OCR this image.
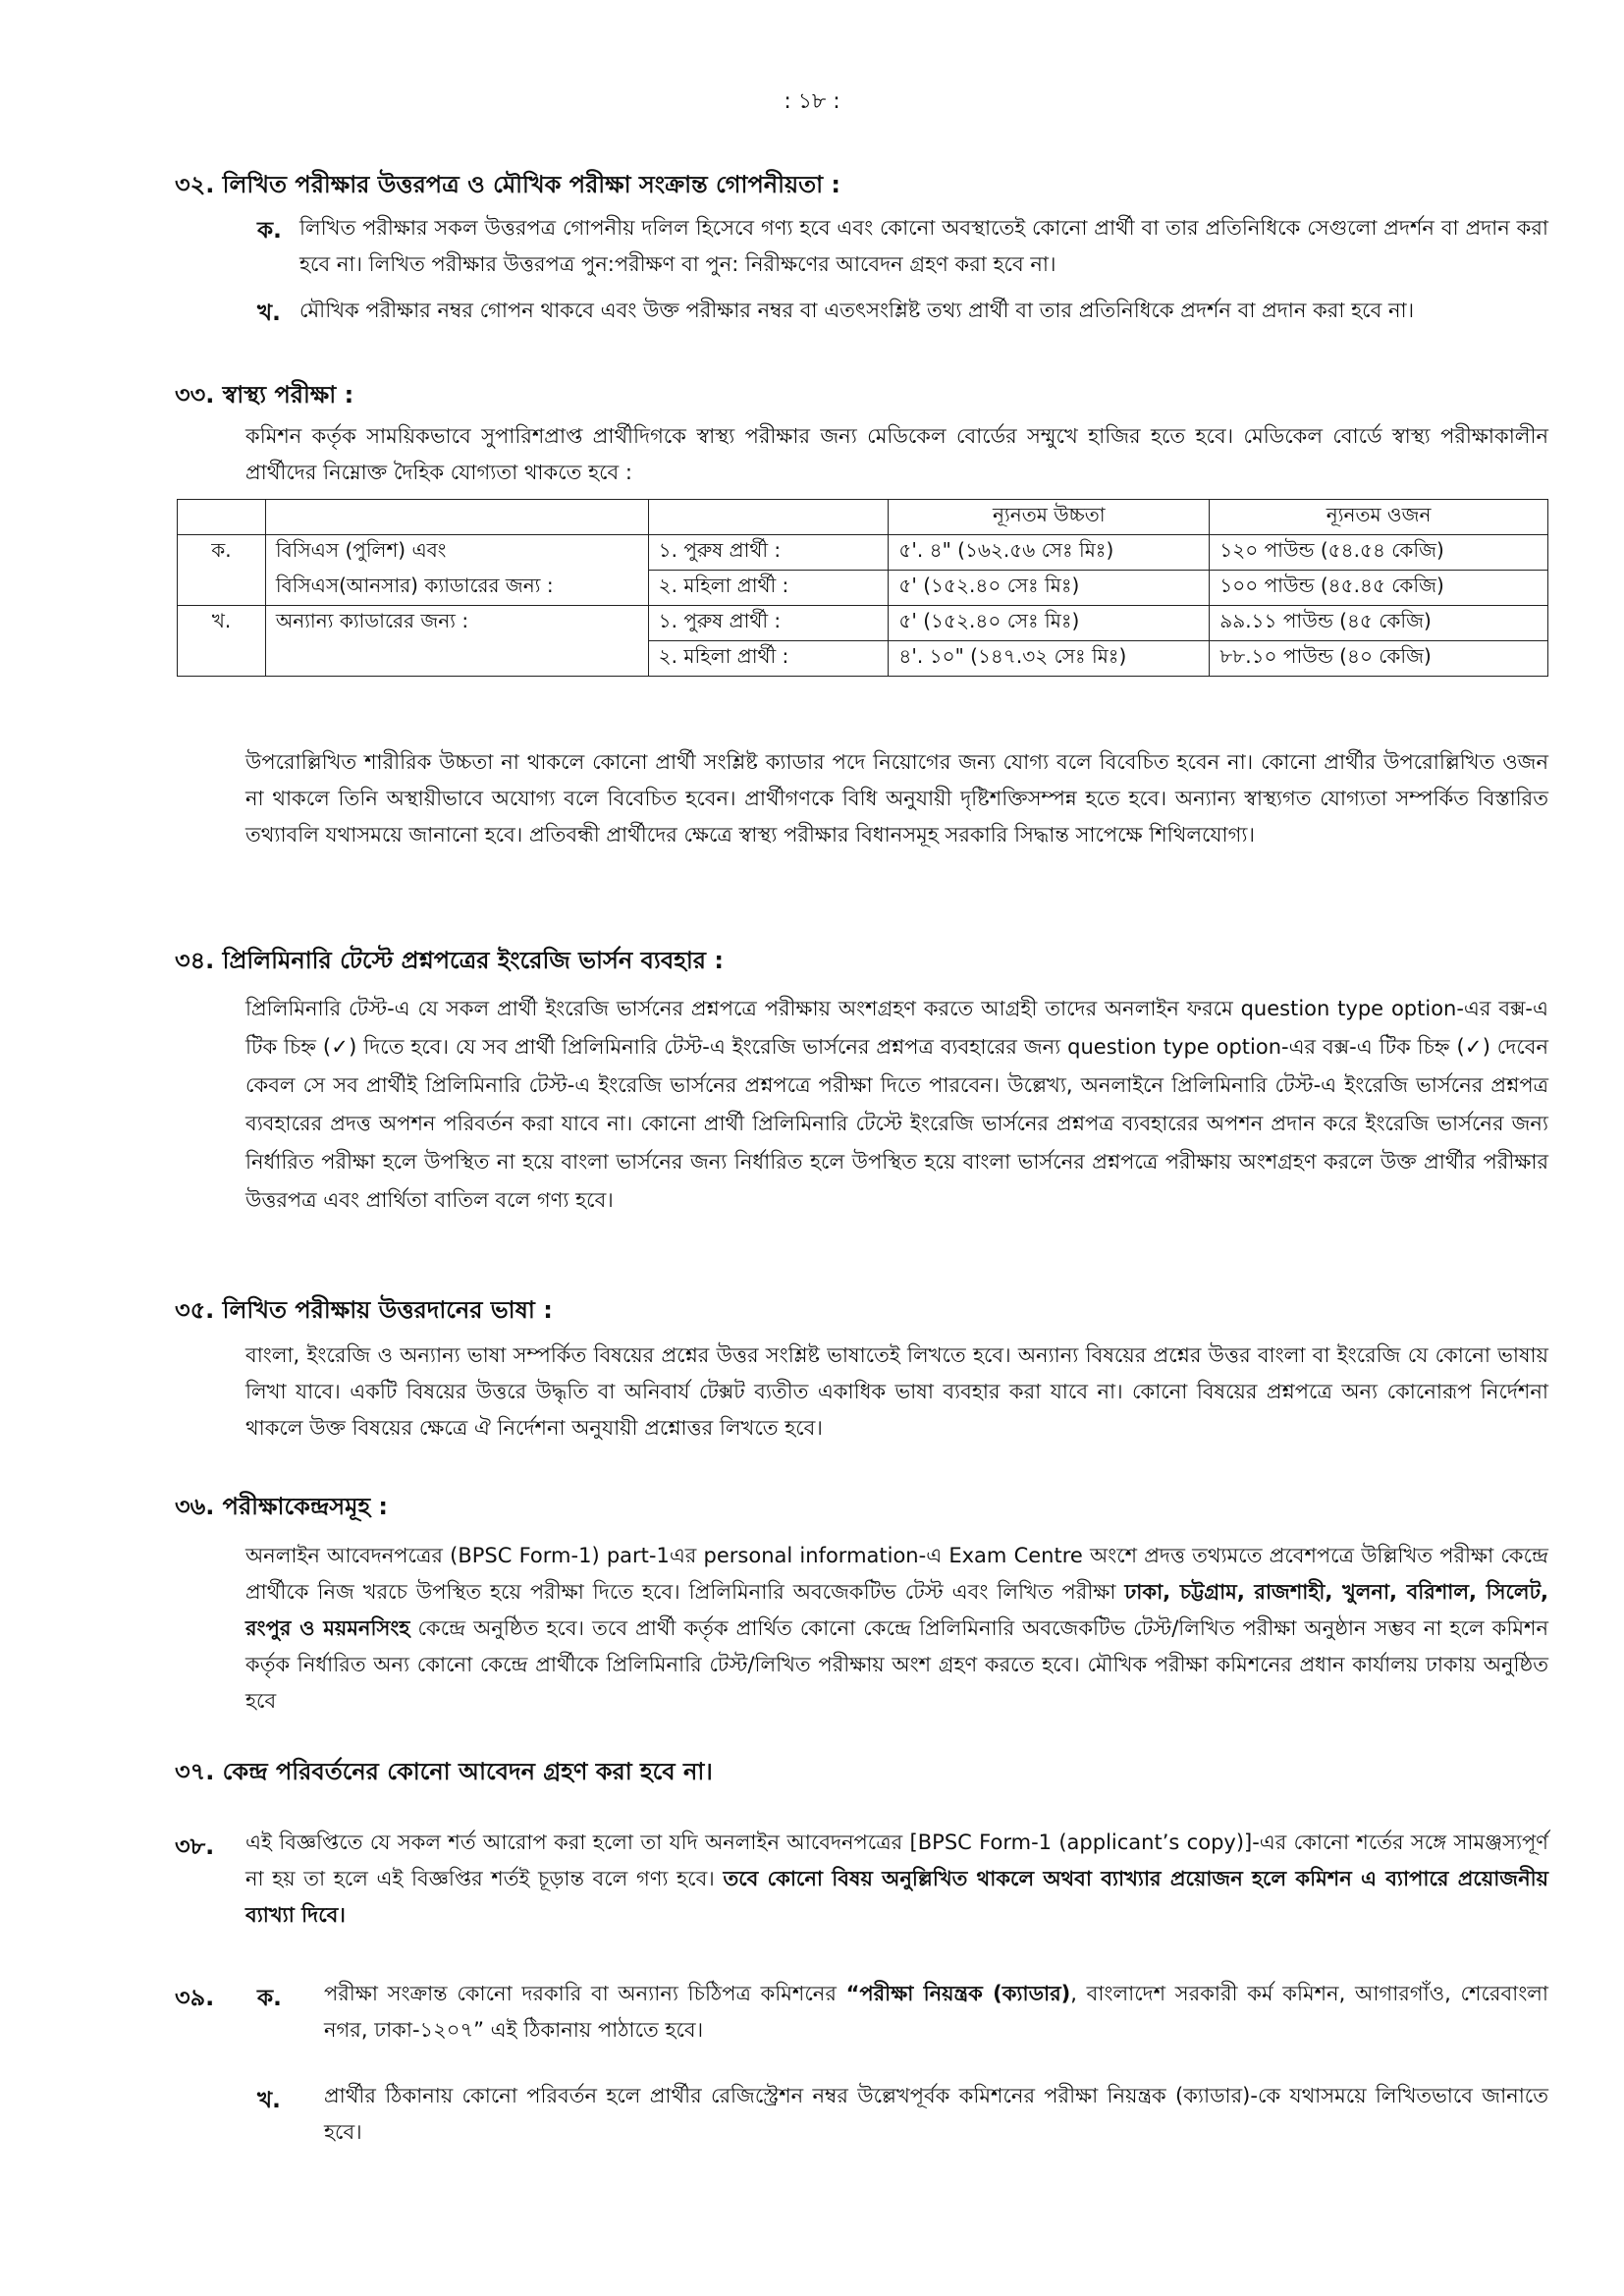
: ১৮ :
৩২. লিখিত পরীক্ষার উত্তরপত্র ও মৌখিক পরীক্ষা সংক্রান্ত গোপনীয়তা :
ক. লিখিত পরীক্ষার সকল উত্তরপত্র গোপনীয় দলিল হিসেবে গণ্য হবে এবং কোনো অবস্থাতেই কোনো প্রার্থী বা তার প্রতিনিধিকে সেগুলো প্রদর্শন বা প্রদান করা হবে না। লিখিত পরীক্ষার উত্তরপত্র পুন:পরীক্ষণ বা পুন: নিরীক্ষণের আবেদন গ্রহণ করা হবে না।
খ. মৌখিক পরীক্ষার নম্বর গোপন থাকবে এবং উক্ত পরীক্ষার নম্বর বা এতৎসংশ্লিষ্ট তথ্য প্রার্থী বা তার প্রতিনিধিকে প্রদর্শন বা প্রদান করা হবে না।
৩৩. স্বাস্থ্য পরীক্ষা :
কমিশন কর্তৃক সাময়িকভাবে সুপারিশপ্রাপ্ত প্রার্থীদিগকে স্বাস্থ্য পরীক্ষার জন্য মেডিকেল বোর্ডের সম্মুখে হাজির হতে হবে। মেডিকেল বোর্ডে স্বাস্থ্য পরীক্ষাকালীন প্রার্থীদের নিম্নোক্ত দৈহিক যোগ্যতা থাকতে হবে :
			ন্যূনতম উচ্চতা	ন্যূনতম ওজন
ক.	বিসিএস (পুলিশ) এবং	১. পুরুষ প্রার্থী :	৫'. ৪" (১৬২.৫৬ সেঃ মিঃ)	১২০ পাউন্ড (৫৪.৫৪ কেজি)
	বিসিএস(আনসার) ক্যাডারের জন্য :	২. মহিলা প্রার্থী :	৫' (১৫২.৪০ সেঃ মিঃ)	১০০ পাউন্ড (৪৫.৪৫ কেজি)
খ.	অন্যান্য ক্যাডারের জন্য :	১. পুরুষ প্রার্থী :	৫' (১৫২.৪০ সেঃ মিঃ)	৯৯.১১ পাউন্ড (৪৫ কেজি)
		২. মহিলা প্রার্থী :	৪'. ১০" (১৪৭.৩২ সেঃ মিঃ)	৮৮.১০ পাউন্ড (৪০ কেজি)
উপরোল্লিখিত শারীরিক উচ্চতা না থাকলে কোনো প্রার্থী সংশ্লিষ্ট ক্যাডার পদে নিয়োগের জন্য যোগ্য বলে বিবেচিত হবেন না। কোনো প্রার্থীর উপরোল্লিখিত ওজন না থাকলে তিনি অস্থায়ীভাবে অযোগ্য বলে বিবেচিত হবেন। প্রার্থীগণকে বিধি অনুযায়ী দৃষ্টিশক্তিসম্পন্ন হতে হবে। অন্যান্য স্বাস্থ্যগত যোগ্যতা সম্পর্কিত বিস্তারিত তথ্যাবলি যথাসময়ে জানানো হবে। প্রতিবন্ধী প্রার্থীদের ক্ষেত্রে স্বাস্থ্য পরীক্ষার বিধানসমূহ সরকারি সিদ্ধান্ত সাপেক্ষে শিথিলযোগ্য।
৩৪. প্রিলিমিনারি টেস্টে প্রশ্নপত্রের ইংরেজি ভার্সন ব্যবহার :
প্রিলিমিনারি টেস্ট-এ যে সকল প্রার্থী ইংরেজি ভার্সনের প্রশ্নপত্রে পরীক্ষায় অংশগ্রহণ করতে আগ্রহী তাদের অনলাইন ফরমে question type option-এর বক্স-এ টিক চিহ্ন (✓) দিতে হবে। যে সব প্রার্থী প্রিলিমিনারি টেস্ট-এ ইংরেজি ভার্সনের প্রশ্নপত্র ব্যবহারের জন্য question type option-এর বক্স-এ টিক চিহ্ন (✓) দেবেন কেবল সে সব প্রার্থীই প্রিলিমিনারি টেস্ট-এ ইংরেজি ভার্সনের প্রশ্নপত্রে পরীক্ষা দিতে পারবেন। উল্লেখ্য, অনলাইনে প্রিলিমিনারি টেস্ট-এ ইংরেজি ভার্সনের প্রশ্নপত্র ব্যবহারের প্রদত্ত অপশন পরিবর্তন করা যাবে না। কোনো প্রার্থী প্রিলিমিনারি টেস্টে ইংরেজি ভার্সনের প্রশ্নপত্র ব্যবহারের অপশন প্রদান করে ইংরেজি ভার্সনের জন্য নির্ধারিত পরীক্ষা হলে উপস্থিত না হয়ে বাংলা ভার্সনের জন্য নির্ধারিত হলে উপস্থিত হয়ে বাংলা ভার্সনের প্রশ্নপত্রে পরীক্ষায় অংশগ্রহণ করলে উক্ত প্রার্থীর পরীক্ষার উত্তরপত্র এবং প্রার্থিতা বাতিল বলে গণ্য হবে।
৩৫. লিখিত পরীক্ষায় উত্তরদানের ভাষা :
বাংলা, ইংরেজি ও অন্যান্য ভাষা সম্পর্কিত বিষয়ের প্রশ্নের উত্তর সংশ্লিষ্ট ভাষাতেই লিখতে হবে। অন্যান্য বিষয়ের প্রশ্নের উত্তর বাংলা বা ইংরেজি যে কোনো ভাষায় লিখা যাবে। একটি বিষয়ের উত্তরে উদ্ধৃতি বা অনিবার্য টেক্সট ব্যতীত একাধিক ভাষা ব্যবহার করা যাবে না। কোনো বিষয়ের প্রশ্নপত্রে অন্য কোনোরূপ নির্দেশনা থাকলে উক্ত বিষয়ের ক্ষেত্রে ঐ নির্দেশনা অনুযায়ী প্রশ্নোত্তর লিখতে হবে।
৩৬. পরীক্ষাকেন্দ্রসমূহ :
অনলাইন আবেদনপত্রের (BPSC Form-1) part-1এর personal information-এ Exam Centre অংশে প্রদত্ত তথ্যমতে প্রবেশপত্রে উল্লিখিত পরীক্ষা কেন্দ্রে প্রার্থীকে নিজ খরচে উপস্থিত হয়ে পরীক্ষা দিতে হবে। প্রিলিমিনারি অবজেকটিভ টেস্ট এবং লিখিত পরীক্ষা ঢাকা, চট্টগ্রাম, রাজশাহী, খুলনা, বরিশাল, সিলেট, রংপুর ও ময়মনসিংহ কেন্দ্রে অনুষ্ঠিত হবে। তবে প্রার্থী কর্তৃক প্রার্থিত কোনো কেন্দ্রে প্রিলিমিনারি অবজেকটিভ টেস্ট/লিখিত পরীক্ষা অনুষ্ঠান সম্ভব না হলে কমিশন কর্তৃক নির্ধারিত অন্য কোনো কেন্দ্রে প্রার্থীকে প্রিলিমিনারি টেস্ট/লিখিত পরীক্ষায় অংশ গ্রহণ করতে হবে। মৌখিক পরীক্ষা কমিশনের প্রধান কার্যালয় ঢাকায় অনুষ্ঠিত হবে
৩৭. কেন্দ্র পরিবর্তনের কোনো আবেদন গ্রহণ করা হবে না।
৩৮. এই বিজ্ঞপ্তিতে যে সকল শর্ত আরোপ করা হলো তা যদি অনলাইন আবেদনপত্রের [BPSC Form-1 (applicant’s copy)]-এর কোনো শর্তের সঙ্গে সামঞ্জস্যপূর্ণ না হয় তা হলে এই বিজ্ঞপ্তির শর্তই চূড়ান্ত বলে গণ্য হবে। তবে কোনো বিষয় অনুল্লিখিত থাকলে অথবা ব্যাখ্যার প্রয়োজন হলে কমিশন এ ব্যাপারে প্রয়োজনীয় ব্যাখ্যা দিবে।
৩৯. ক. পরীক্ষা সংক্রান্ত কোনো দরকারি বা অন্যান্য চিঠিপত্র কমিশনের “পরীক্ষা নিয়ন্ত্রক (ক্যাডার), বাংলাদেশ সরকারী কর্ম কমিশন, আগারগাঁও, শেরেবাংলা নগর, ঢাকা-১২০৭” এই ঠিকানায় পাঠাতে হবে।
খ. প্রার্থীর ঠিকানায় কোনো পরিবর্তন হলে প্রার্থীর রেজিস্ট্রেশন নম্বর উল্লেখপূর্বক কমিশনের পরীক্ষা নিয়ন্ত্রক (ক্যাডার)-কে যথাসময়ে লিখিতভাবে জানাতে হবে।
